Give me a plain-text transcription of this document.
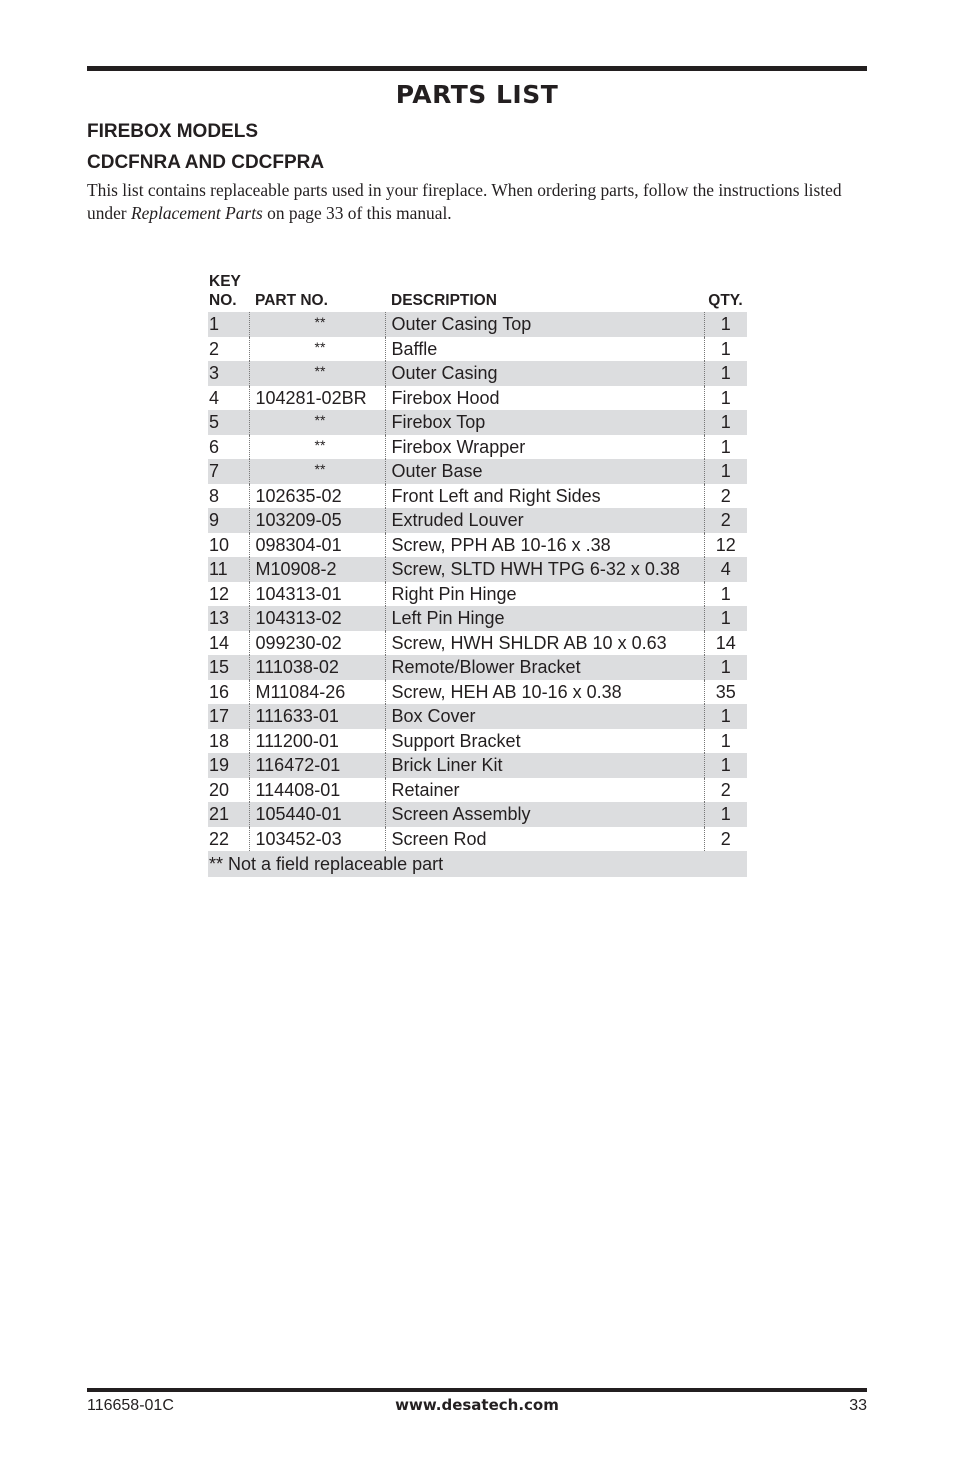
PARTS LIST
FIREBOX MODELS
CDCFNRA AND CDCFPRA

This list contains replaceable parts used in your fireplace. When ordering parts, follow the instructions listed under Replacement Parts on page 33 of this manual.

KEY
NO.	PART NO.	DESCRIPTION	QTY.
1	**	Outer Casing Top	1
2	**	Baffle	1
3	**	Outer Casing	1
4	104281-02BR	Firebox Hood	1
5	**	Firebox Top	1
6	**	Firebox Wrapper	1
7	**	Outer Base	1
8	102635-02	Front Left and Right Sides	2
9	103209-05	Extruded Louver	2
10	098304-01	Screw, PPH AB 10-16 x .38	12
11	M10908-2	Screw, SLTD HWH TPG 6-32 x 0.38	4
12	104313-01	Right Pin Hinge	1
13	104313-02	Left Pin Hinge	1
14	099230-02	Screw, HWH SHLDR AB 10 x 0.63	14
15	111038-02	Remote/Blower Bracket	1
16	M11084-26	Screw, HEH AB 10-16 x 0.38	35
17	111633-01	Box Cover	1
18	111200-01	Support Bracket	1
19	116472-01	Brick Liner Kit	1
20	114408-01	Retainer	2
21	105440-01	Screen Assembly	1
22	103452-03	Screen Rod	2
** Not a field replaceable part			
116658-01C	www.desatech.com	33
